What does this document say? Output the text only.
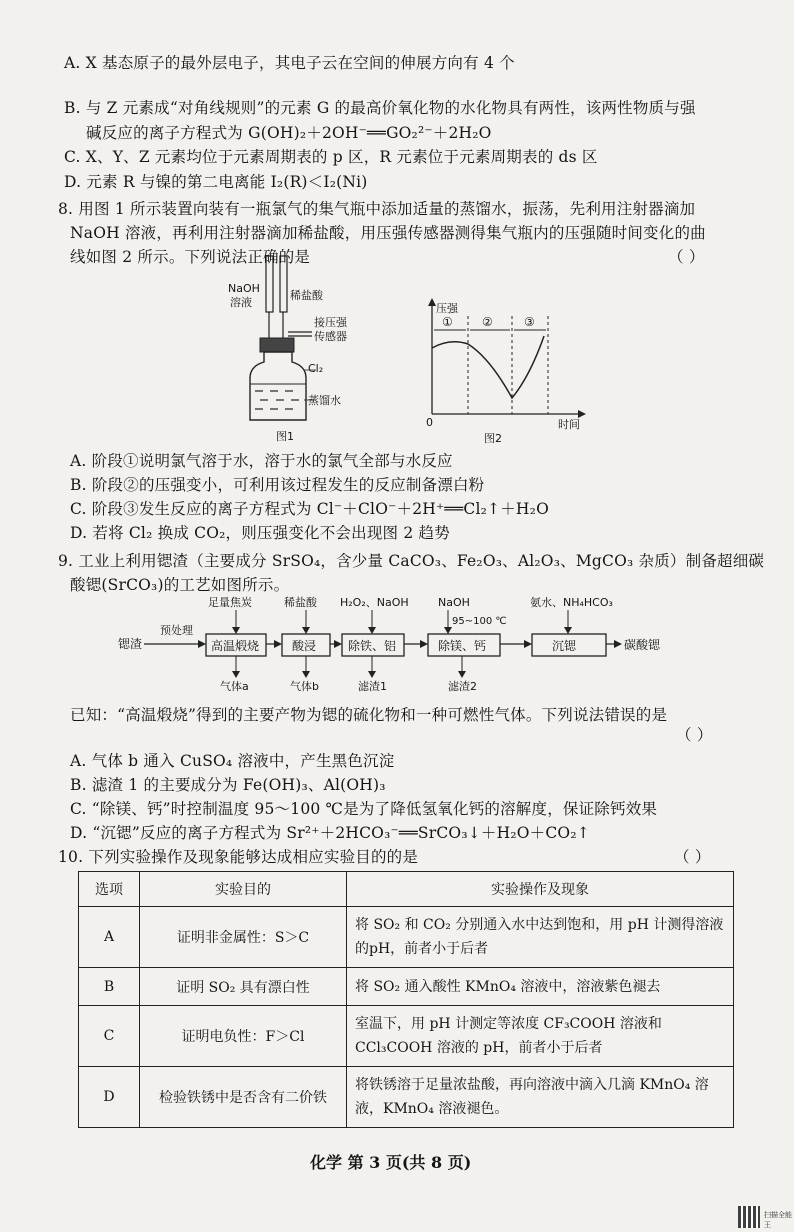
A. X 基态原子的最外层电子，其电子云在空间的伸展方向有 4 个
B. 与 Z 元素成“对角线规则”的元素 G 的最高价氧化物的水化物具有两性，该两性物质与强
碱反应的离子方程式为 G(OH)₂＋2OH⁻══GO₂²⁻＋2H₂O
C. X、Y、Z 元素均位于元素周期表的 p 区，R 元素位于元素周期表的 ds 区
D. 元素 R 与镍的第二电离能 I₂(R)＜I₂(Ni)
8. 用图 1 所示装置向装有一瓶氯气的集气瓶中添加适量的蒸馏水，振荡，先利用注射器滴加
NaOH 溶液，再利用注射器滴加稀盐酸，用压强传感器测得集气瓶内的压强随时间变化的曲
线如图 2 所示。下列说法正确的是	（ ）
NaOH
溶液
稀盐酸
接压强
传感器
Cl₂
蒸馏水
图1
压强
0	时间
① ②	③
图2
A. 阶段①说明氯气溶于水，溶于水的氯气全部与水反应
B. 阶段②的压强变小，可利用该过程发生的反应制备漂白粉
C. 阶段③发生反应的离子方程式为 Cl⁻＋ClO⁻＋2H⁺══Cl₂↑＋H₂O
D. 若将 Cl₂ 换成 CO₂，则压强变化不会出现图 2 趋势
9. 工业上利用锶渣（主要成分 SrSO₄，含少量 CaCO₃、Fe₂O₃、Al₂O₃、MgCO₃ 杂质）制备超细碳
酸锶(SrCO₃)的工艺如图所示。
锶渣
预处理
高温煅烧	酸浸	除铁、铝	除镁、钙	沉锶	碳酸锶
足量焦炭	稀盐酸 H₂O₂、NaOH	NaOH
95~100 ℃
氨水、NH₄HCO₃
气体a	气体b	滤渣1	滤渣2
已知：“高温煅烧”得到的主要产物为锶的硫化物和一种可燃性气体。下列说法错误的是
（ ）
A. 气体 b 通入 CuSO₄ 溶液中，产生黑色沉淀
B. 滤渣 1 的主要成分为 Fe(OH)₃、Al(OH)₃
C. “除镁、钙”时控制温度 95～100 ℃是为了降低氢氧化钙的溶解度，保证除钙效果
D. “沉锶”反应的离子方程式为 Sr²⁺＋2HCO₃⁻══SrCO₃↓＋H₂O＋CO₂↑
10. 下列实验操作及现象能够达成相应实验目的的是	（ ）
选项	实验目的	实验操作及现象
A	证明非金属性：S＞C	将 SO₂ 和 CO₂ 分别通入水中达到饱和，用 pH 计测得溶液的pH，前者小于后者
B	证明 SO₂ 具有漂白性	将 SO₂ 通入酸性 KMnO₄ 溶液中，溶液紫色褪去
C	证明电负性：F＞Cl	室温下，用 pH 计测定等浓度 CF₃COOH 溶液和 CCl₃COOH 溶液的 pH，前者小于后者
D	检验铁锈中是否含有二价铁	将铁锈溶于足量浓盐酸，再向溶液中滴入几滴 KMnO₄ 溶液，KMnO₄ 溶液褪色。
化学 第 3 页(共 8 页)
扫描全能王
